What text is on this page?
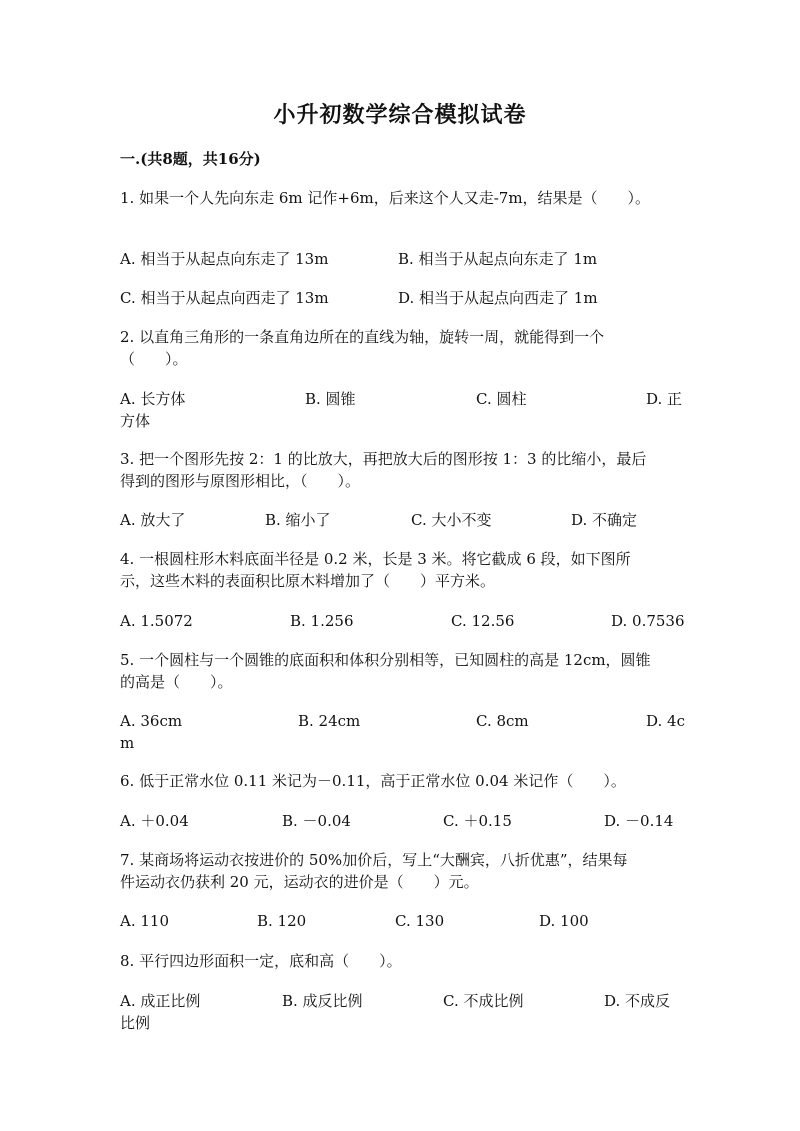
小升初数学综合模拟试卷
一.(共8题，共16分)
1. 如果一个人先向东走 6m 记作+6m，后来这个人又走-7m，结果是（　　）。
A. 相当于从起点向东走了 13m	B. 相当于从起点向东走了 1m
C. 相当于从起点向西走了 13m	D. 相当于从起点向西走了 1m
2. 以直角三角形的一条直角边所在的直线为轴，旋转一周，就能得到一个
（　　）。
A. 长方体	B. 圆锥	C. 圆柱	D. 正
方体
3. 把一个图形先按 2：1 的比放大，再把放大后的图形按 1：3 的比缩小，最后
得到的图形与原图形相比，（　　）。
A. 放大了	B. 缩小了	C. 大小不变	D. 不确定
4. 一根圆柱形木料底面半径是 0.2 米，长是 3 米。将它截成 6 段，如下图所
示，这些木料的表面积比原木料增加了（　　）平方米。
A. 1.5072	B. 1.256	C. 12.56	D. 0.7536
5. 一个圆柱与一个圆锥的底面积和体积分别相等，已知圆柱的高是 12cm，圆锥
的高是（　　）。
A. 36cm	B. 24cm	C. 8cm	D. 4c
m
6. 低于正常水位 0.11 米记为－0.11，高于正常水位 0.04 米记作（　　）。
A. ＋0.04	B. －0.04	C. ＋0.15	D. －0.14
7. 某商场将运动衣按进价的 50%加价后，写上“大酬宾，八折优惠”，结果每
件运动衣仍获利 20 元，运动衣的进价是（　　）元。
A. 110	B. 120	C. 130	D. 100
8. 平行四边形面积一定，底和高（　　）。
A. 成正比例	B. 成反比例	C. 不成比例	D. 不成反
比例
